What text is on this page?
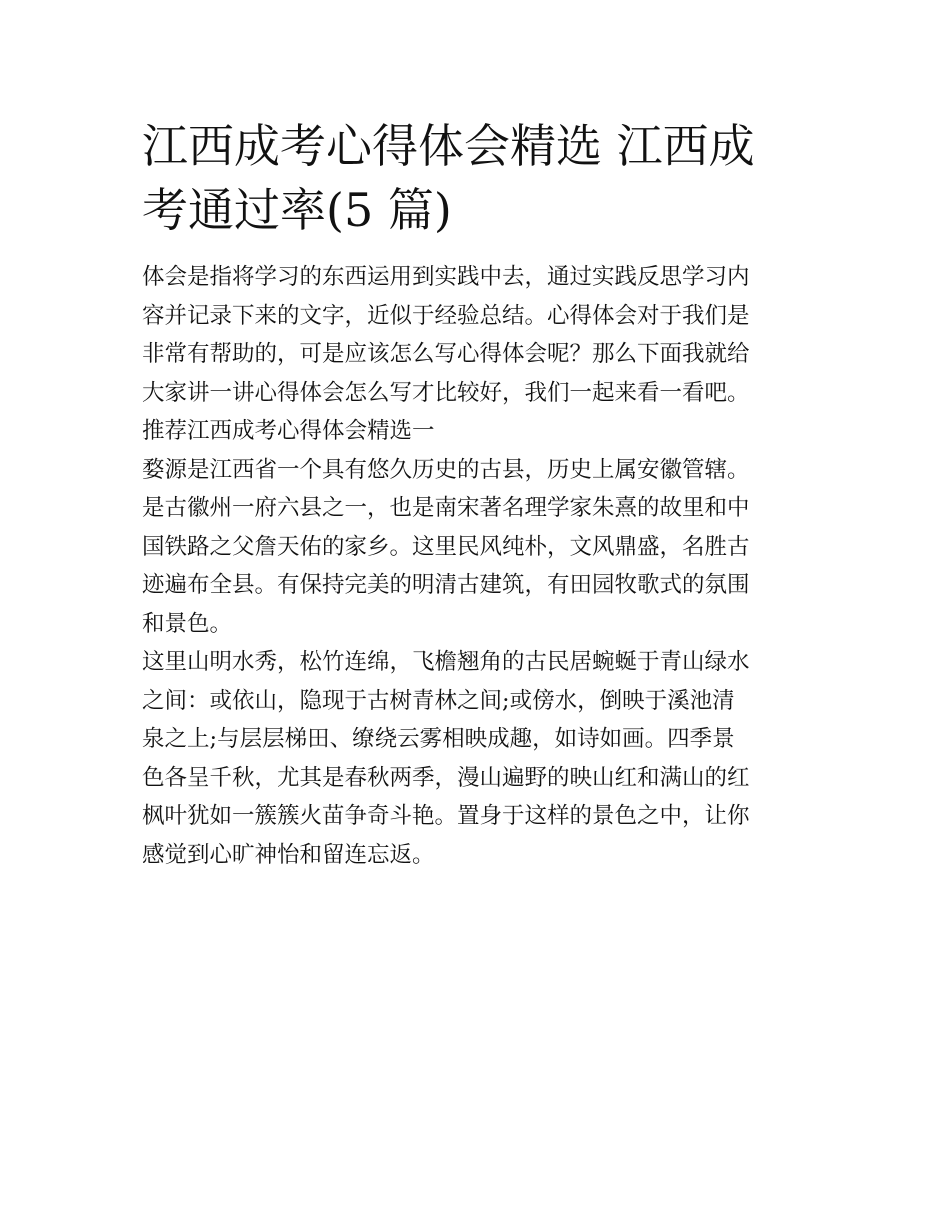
江西成考心得体会精选 江西成
考通过率(5 篇)
体会是指将学习的东西运用到实践中去，通过实践反思学习内
容并记录下来的文字，近似于经验总结。心得体会对于我们是
非常有帮助的，可是应该怎么写心得体会呢？那么下面我就给
大家讲一讲心得体会怎么写才比较好，我们一起来看一看吧。
推荐江西成考心得体会精选一
婺源是江西省一个具有悠久历史的古县，历史上属安徽管辖。
是古徽州一府六县之一，也是南宋著名理学家朱熹的故里和中
国铁路之父詹天佑的家乡。这里民风纯朴，文风鼎盛，名胜古
迹遍布全县。有保持完美的明清古建筑，有田园牧歌式的氛围
和景色。
这里山明水秀，松竹连绵，飞檐翘角的古民居蜿蜒于青山绿水
之间：或依山，隐现于古树青林之间;或傍水，倒映于溪池清
泉之上;与层层梯田、缭绕云雾相映成趣，如诗如画。四季景
色各呈千秋，尤其是春秋两季，漫山遍野的映山红和满山的红
枫叶犹如一簇簇火苗争奇斗艳。置身于这样的景色之中，让你
感觉到心旷神怡和留连忘返。
